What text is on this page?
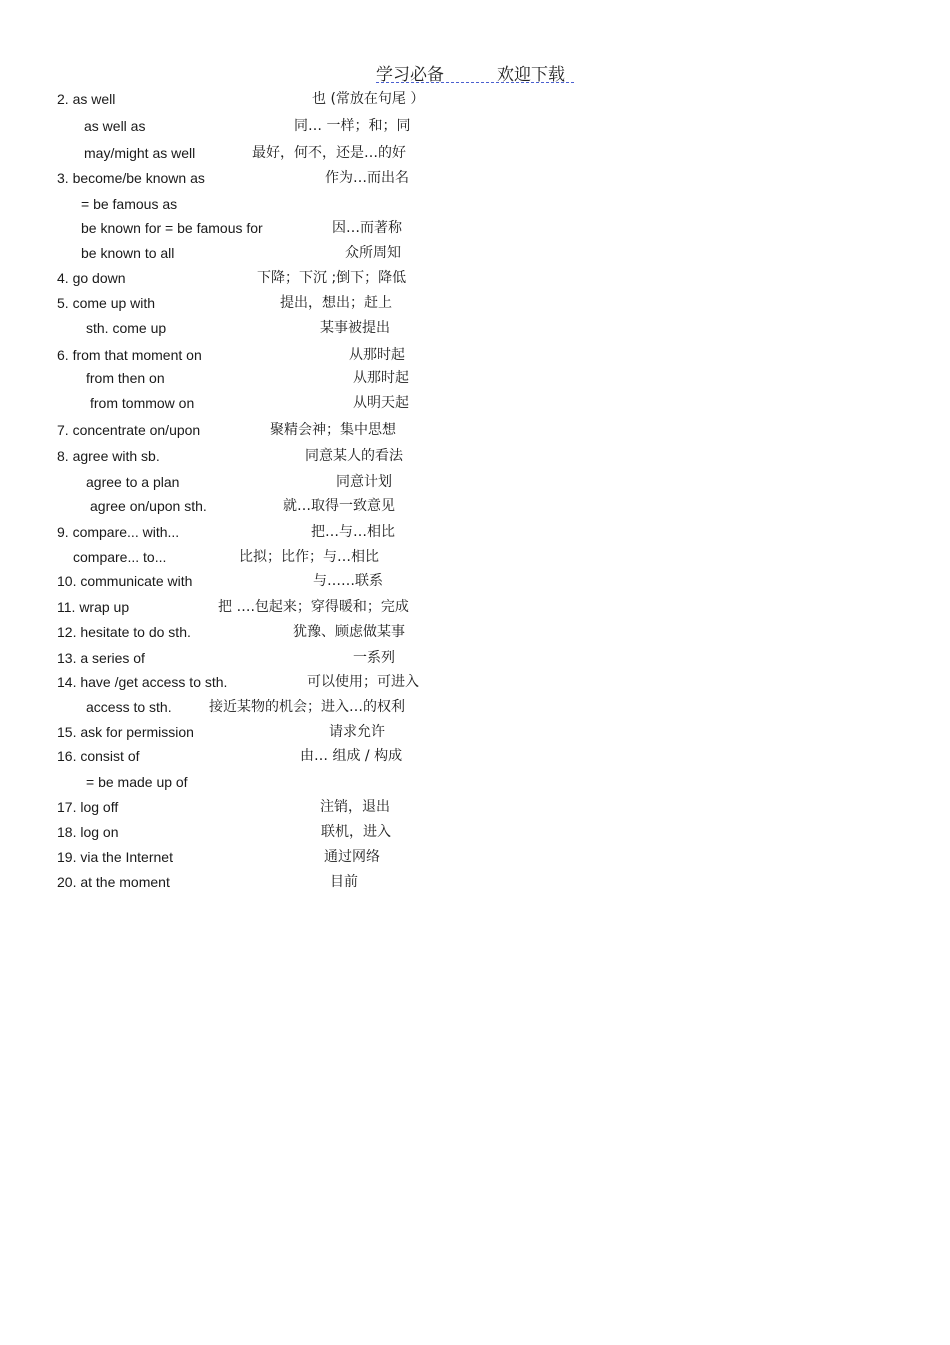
学习必备	欢迎下载
2. as well	也 (常放在句尾 ）
as well as	同… 一样；和；同
may/might as well	最好，何不，还是…的好
3. become/be known as	作为…而出名
= be famous as
be known for = be famous for	因…而著称
be known to all	众所周知
4. go down	下降；下沉 ;倒下；降低
5. come up with	提出，想出；赶上
sth. come up	某事被提出
6. from that moment on	从那时起
from then on	从那时起
from tommow on	从明天起
7. concentrate on/upon	聚精会神；集中思想
8. agree with sb.	同意某人的看法
agree to a plan	同意计划
agree on/upon sth.	就…取得一致意见
9. compare... with...	把…与…相比
compare... to...	比拟；比作；与…相比
10. communicate with	与……联系
11. wrap up	把 ….包起来；穿得暖和；完成
12. hesitate to do sth.	犹豫、顾虑做某事
13. a series of	一系列
14. have /get access to sth.	可以使用；可进入
access to sth.	接近某物的机会；进入…的权利
15. ask for permission	请求允许
16. consist of	由… 组成 / 构成
= be made up of
17. log off	注销，退出
18. log on	联机，进入
19. via the Internet	通过网络
20. at the moment	目前
